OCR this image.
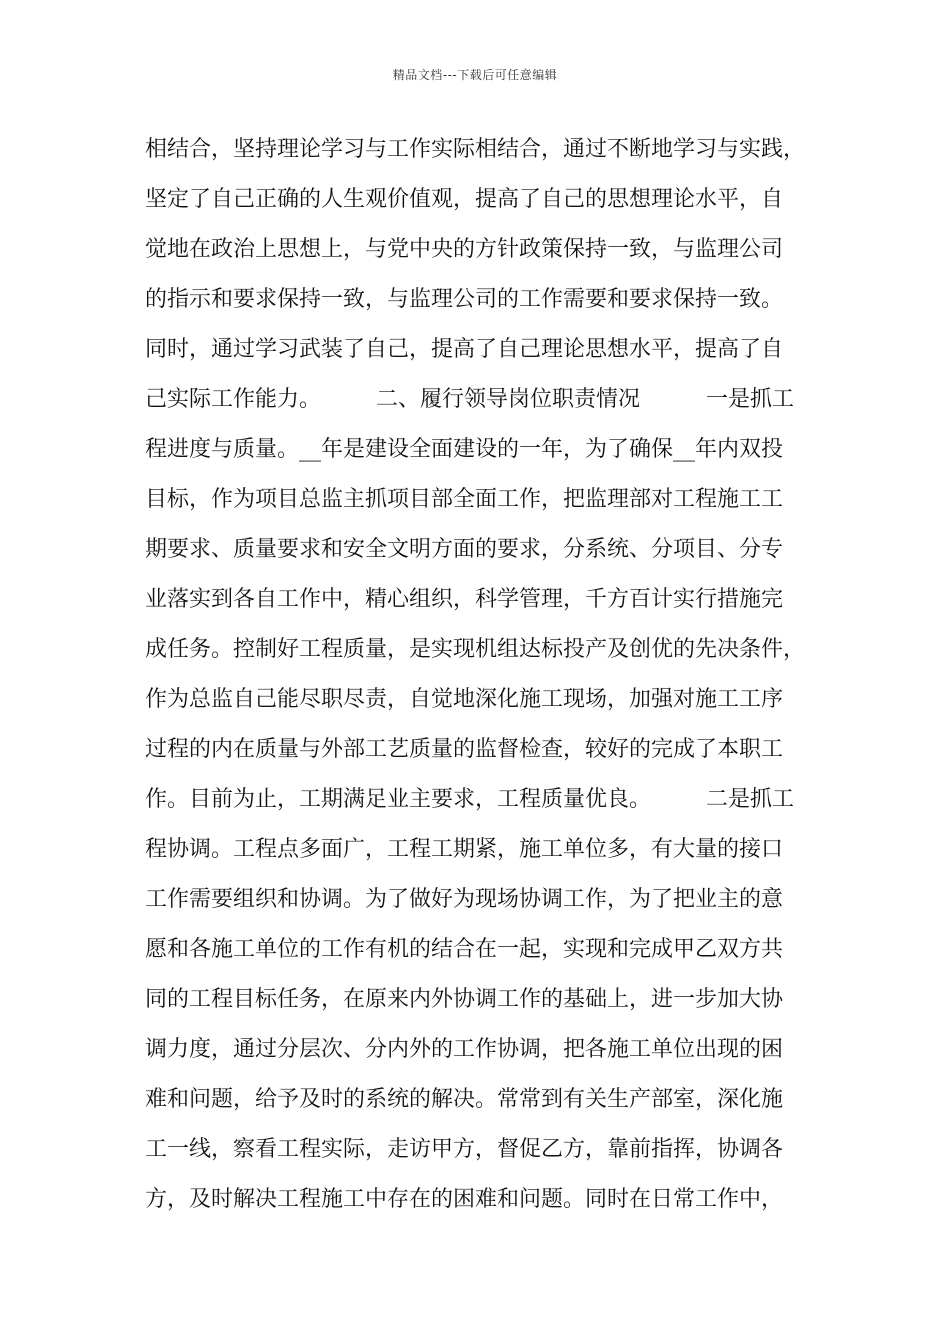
精品文档---下载后可任意编辑
相结合，坚持理论学习与工作实际相结合，通过不断地学习与实践，
坚定了自己正确的人生观价值观，提高了自己的思想理论水平，自
觉地在政治上思想上，与党中央的方针政策保持一致，与监理公司
的指示和要求保持一致，与监理公司的工作需要和要求保持一致。
同时，通过学习武装了自己，提高了自己理论思想水平，提高了自
己实际工作能力。　　　二、履行领导岗位职责情况　　　一是抓工
程进度与质量。__年是建设全面建设的一年，为了确保__年内双投
目标，作为项目总监主抓项目部全面工作，把监理部对工程施工工
期要求、质量要求和安全文明方面的要求，分系统、分项目、分专
业落实到各自工作中，精心组织，科学管理，千方百计实行措施完
成任务。控制好工程质量，是实现机组达标投产及创优的先决条件，
作为总监自己能尽职尽责，自觉地深化施工现场，加强对施工工序
过程的内在质量与外部工艺质量的监督检查，较好的完成了本职工
作。目前为止，工期满足业主要求，工程质量优良。　　　二是抓工
程协调。工程点多面广，工程工期紧，施工单位多，有大量的接口
工作需要组织和协调。为了做好为现场协调工作，为了把业主的意
愿和各施工单位的工作有机的结合在一起，实现和完成甲乙双方共
同的工程目标任务，在原来内外协调工作的基础上，进一步加大协
调力度，通过分层次、分内外的工作协调，把各施工单位出现的困
难和问题，给予及时的系统的解决。常常到有关生产部室，深化施
工一线，察看工程实际，走访甲方，督促乙方，靠前指挥，协调各
方，及时解决工程施工中存在的困难和问题。同时在日常工作中，
